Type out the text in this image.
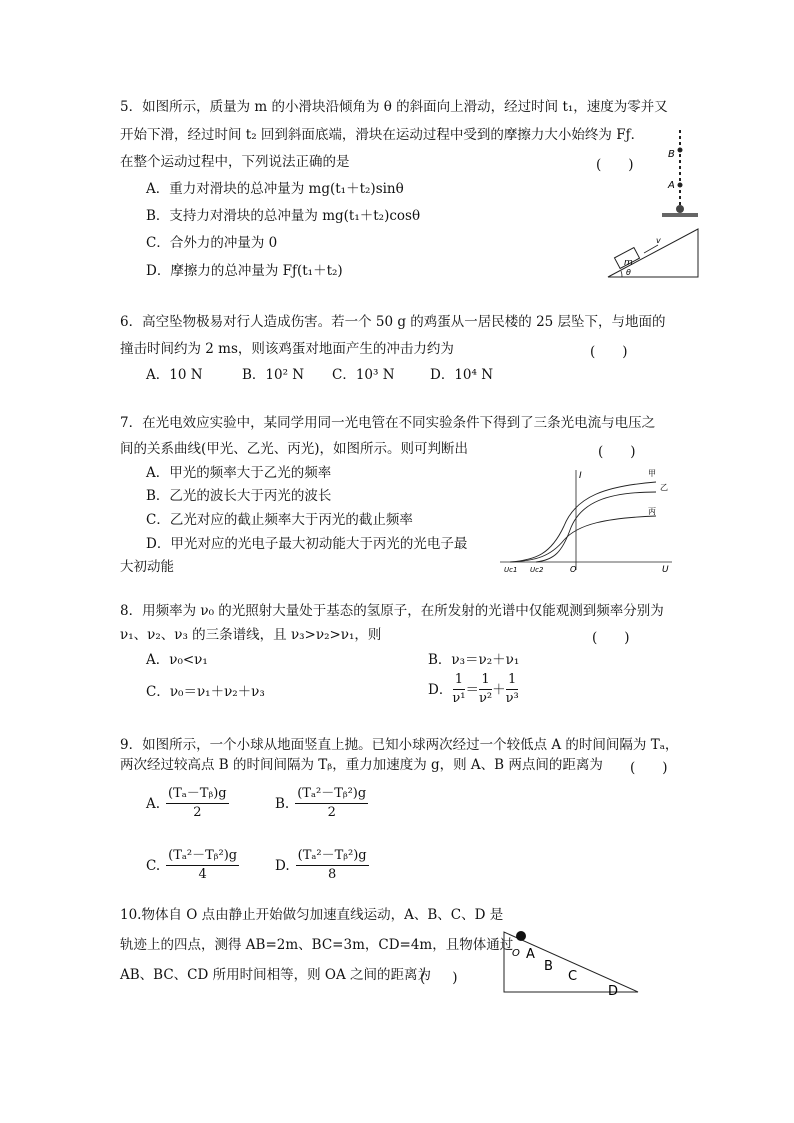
5．如图所示，质量为 m 的小滑块沿倾角为 θ 的斜面向上滑动，经过时间 t₁，速度为零并又
开始下滑，经过时间 t₂ 回到斜面底端，滑块在运动过程中受到的摩擦力大小始终为 Fƒ．
在整个运动过程中，下列说法正确的是	(　　)
A．重力对滑块的总冲量为 mg(t₁＋t₂)sinθ
B．支持力对滑块的总冲量为 mg(t₁＋t₂)cosθ
C．合外力的冲量为 0
D．摩擦力的总冲量为 Fƒ(t₁＋t₂)
B
A
m
v
θ
6．高空坠物极易对行人造成伤害。若一个 50 g 的鸡蛋从一居民楼的 25 层坠下，与地面的
撞击时间约为 2 ms，则该鸡蛋对地面产生的冲击力约为	(　　)
A．10 N	B．10² N C．10³ N	D．10⁴ N
7．在光电效应实验中，某同学用同一光电管在不同实验条件下得到了三条光电流与电压之
间的关系曲线(甲光、乙光、丙光)，如图所示。则可判断出	(　　)
A．甲光的频率大于乙光的频率
B．乙光的波长大于丙光的波长
C．乙光对应的截止频率大于丙光的截止频率
D．甲光对应的光电子最大初动能大于丙光的光电子最
大初动能
I
U
O
Uc1 Uc2
甲
乙
丙
8．用频率为 ν₀ 的光照射大量处于基态的氢原子，在所发射的光谱中仅能观测到频率分别为
ν₁、ν₂、ν₃ 的三条谱线，且 ν₃>ν₂>ν₁，则	(　　)
A．ν₀<ν₁	B．ν₃＝ν₂＋ν₁
C．ν₀＝ν₁＋ν₂＋ν₃	D． $\frac{1}{\text{ν¹}} = \frac{1}{\text{ν²}} + \frac{1}{\text{ν³}}$
9．如图所示，一个小球从地面竖直上抛。已知小球两次经过一个较低点 A 的时间间隔为 Tₐ，
两次经过较高点 B 的时间间隔为 Tᵦ，重力加速度为 g，则 A、B 两点间的距离为 (　　)
A. $\frac{\text{(Tₐ－Tᵦ)g}}{2}$	B. $\frac{\text{(Tₐ²－Tᵦ²)g}}{2}$
C. $\frac{\text{(Tₐ²－Tᵦ²)g}}{4}$	D. $\frac{\text{(Tₐ²－Tᵦ²)g}}{8}$
10.物体自 O 点由静止开始做匀加速直线运动，A、B、C、D 是
轨迹上的四点，测得 AB=2m、BC=3m，CD=4m，且物体通过
AB、BC、CD 所用时间相等，则 OA 之间的距离为
(　　)
O A
B
C
D
